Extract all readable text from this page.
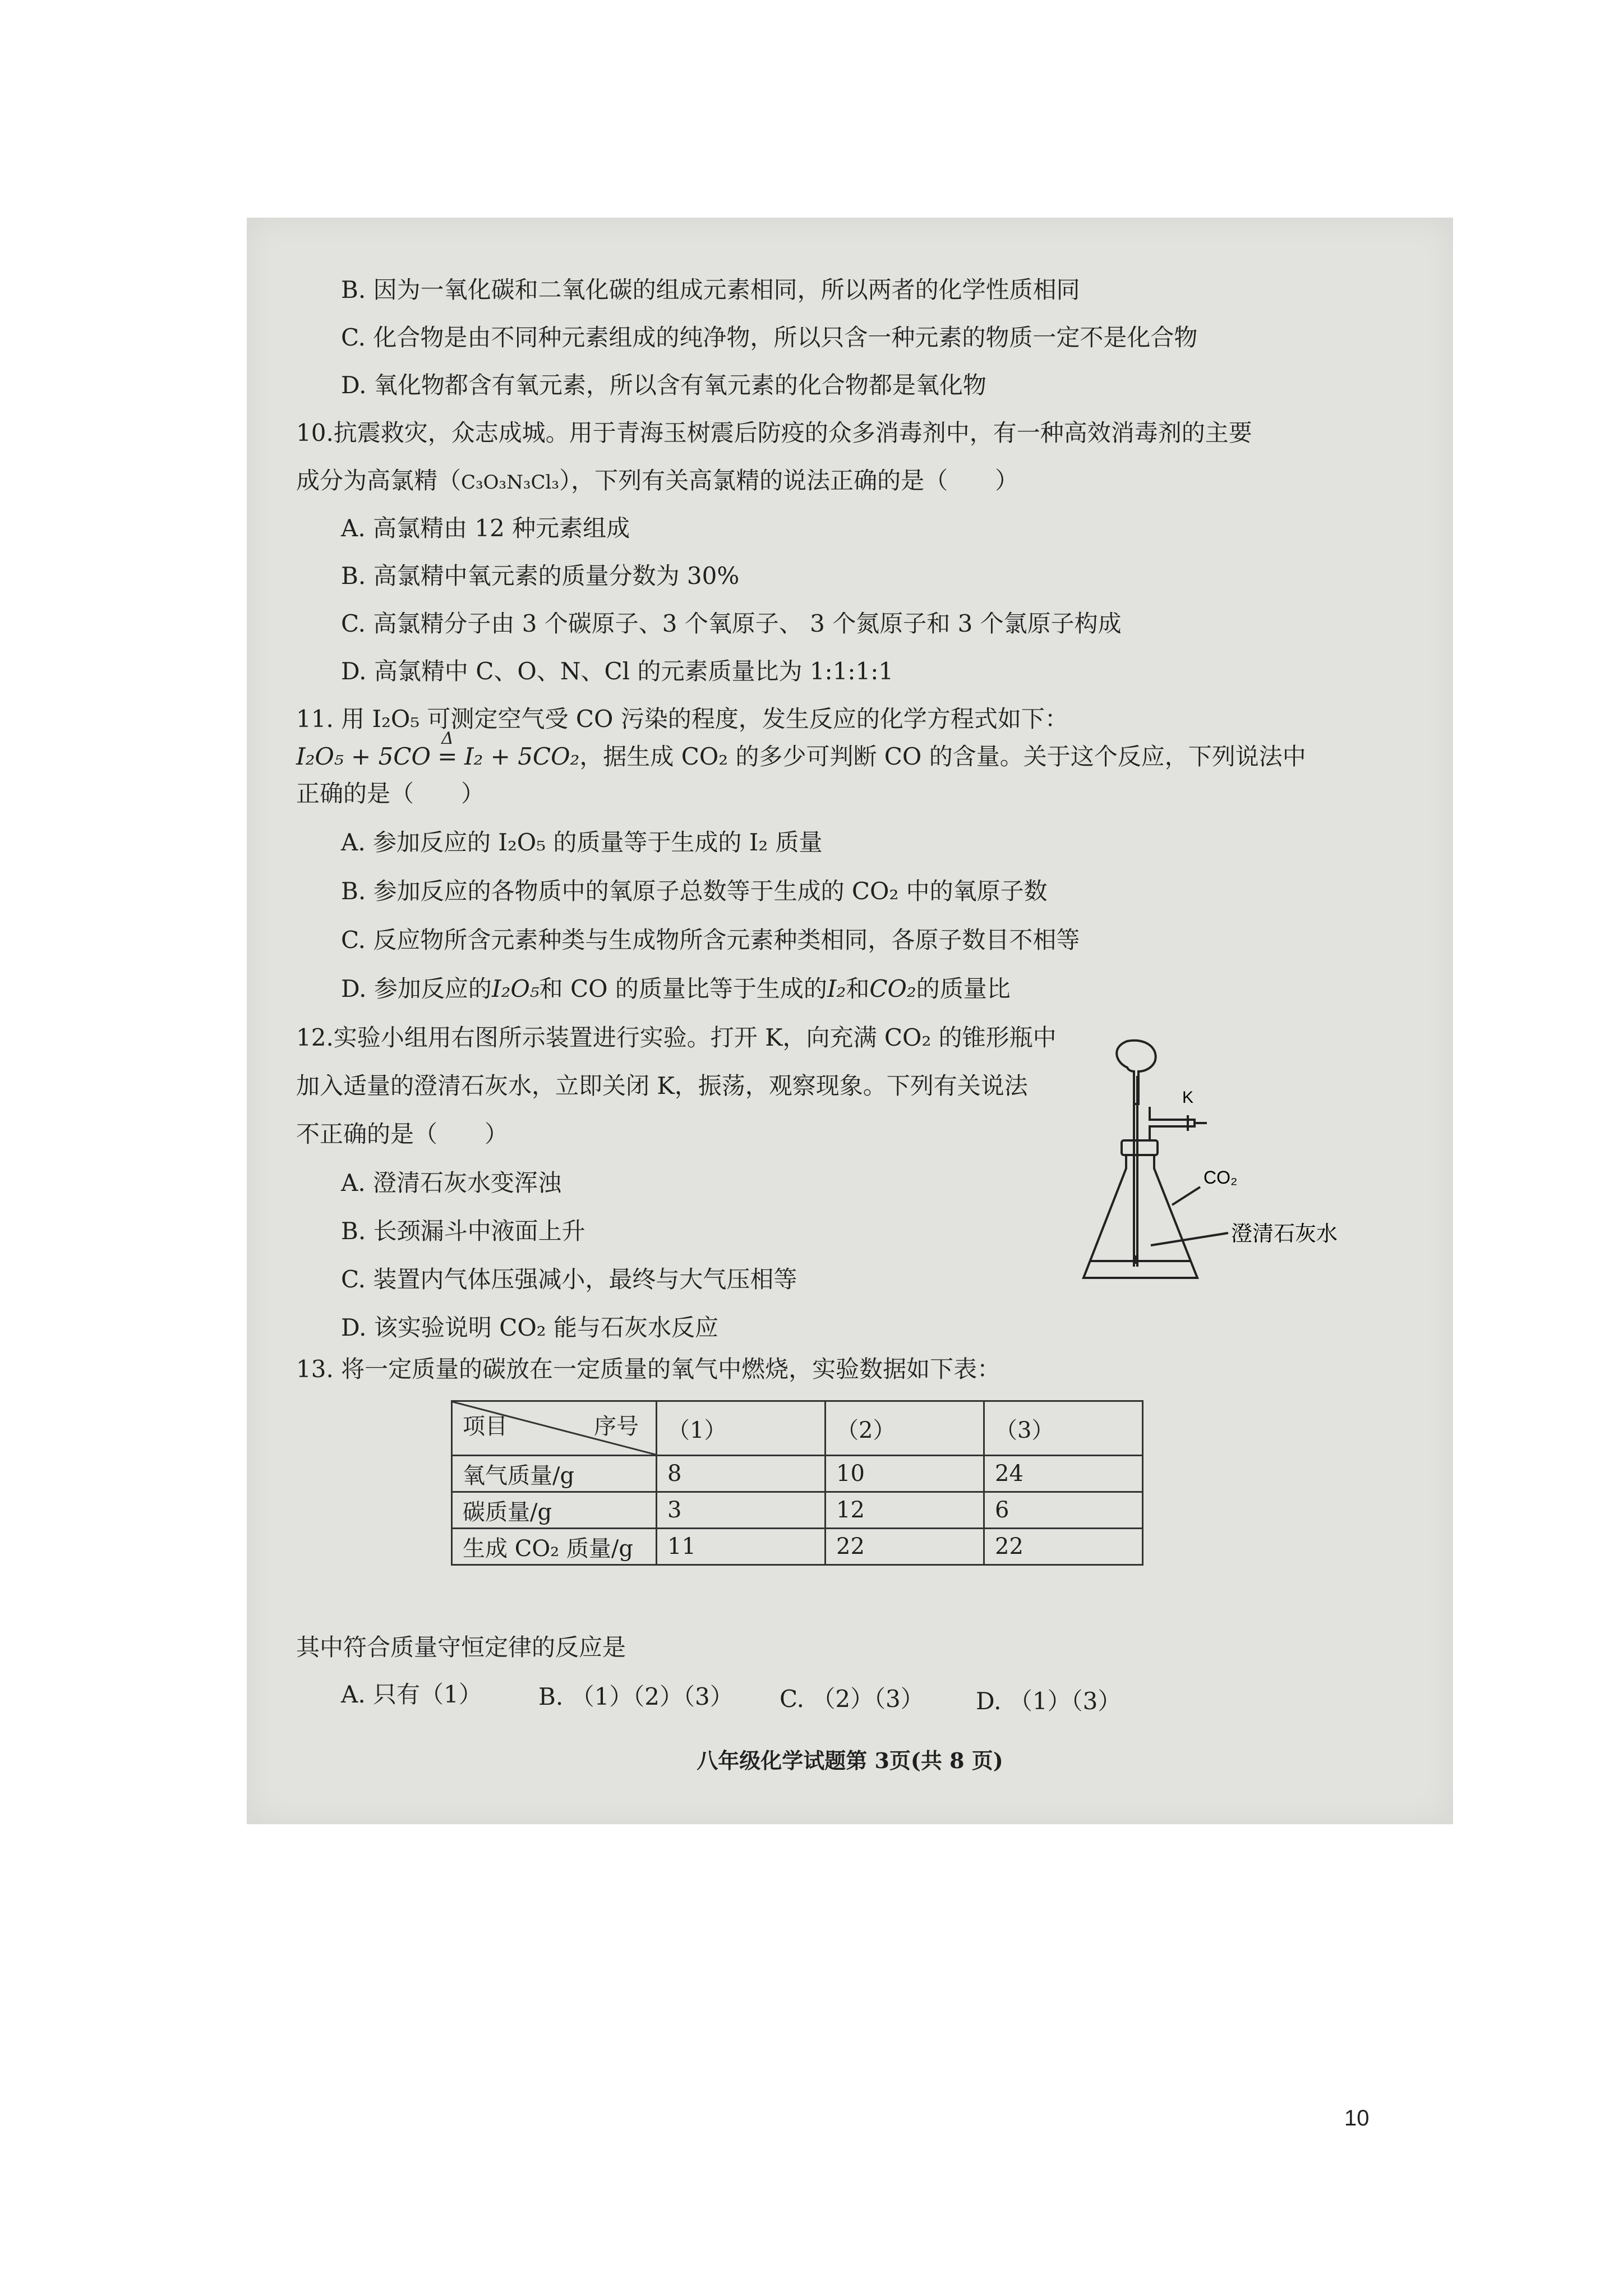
B. 因为一氧化碳和二氧化碳的组成元素相同，所以两者的化学性质相同
C. 化合物是由不同种元素组成的纯净物，所以只含一种元素的物质一定不是化合物
D. 氧化物都含有氧元素，所以含有氧元素的化合物都是氧化物
10.抗震救灾，众志成城。用于青海玉树震后防疫的众多消毒剂中，有一种高效消毒剂的主要
成分为高氯精（C₃O₃N₃Cl₃），下列有关高氯精的说法正确的是（　　）
A. 高氯精由 12 种元素组成
B. 高氯精中氧元素的质量分数为 30%
C. 高氯精分子由 3 个碳原子、3 个氧原子、 3 个氮原子和 3 个氯原子构成
D. 高氯精中 C、O、N、Cl 的元素质量比为 1:1:1:1
11. 用 I₂O₅ 可测定空气受 CO 污染的程度，发生反应的化学方程式如下：
I₂O₅ + 5CO
Δ
= I₂ + 5CO₂，据生成 CO₂ 的多少可判断 CO 的含量。关于这个反应，下列说法中
正确的是（　　）
A. 参加反应的 I₂O₅ 的质量等于生成的 I₂ 质量
B. 参加反应的各物质中的氧原子总数等于生成的 CO₂ 中的氧原子数
C. 反应物所含元素种类与生成物所含元素种类相同，各原子数目不相等
D. 参加反应的I₂O₅和 CO 的质量比等于生成的I₂和CO₂的质量比
12.实验小组用右图所示装置进行实验。打开 K，向充满 CO₂ 的锥形瓶中
加入适量的澄清石灰水，立即关闭 K，振荡，观察现象。下列有关说法
不正确的是（　　）
A. 澄清石灰水变浑浊
B. 长颈漏斗中液面上升
C. 装置内气体压强减小，最终与大气压相等
D. 该实验说明 CO₂ 能与石灰水反应
K
CO₂
澄清石灰水
13. 将一定质量的碳放在一定质量的氧气中燃烧，实验数据如下表：
项目 序号	（1）	（2）	（3）
氧气质量/g	8	10	24
碳质量/g	3	12	6
生成 CO₂ 质量/g	11	22	22
其中符合质量守恒定律的反应是
A. 只有（1） B. （1）（2）（3） C. （2）（3） D. （1）（3）
八年级化学试题第 3页(共 8 页)
10
